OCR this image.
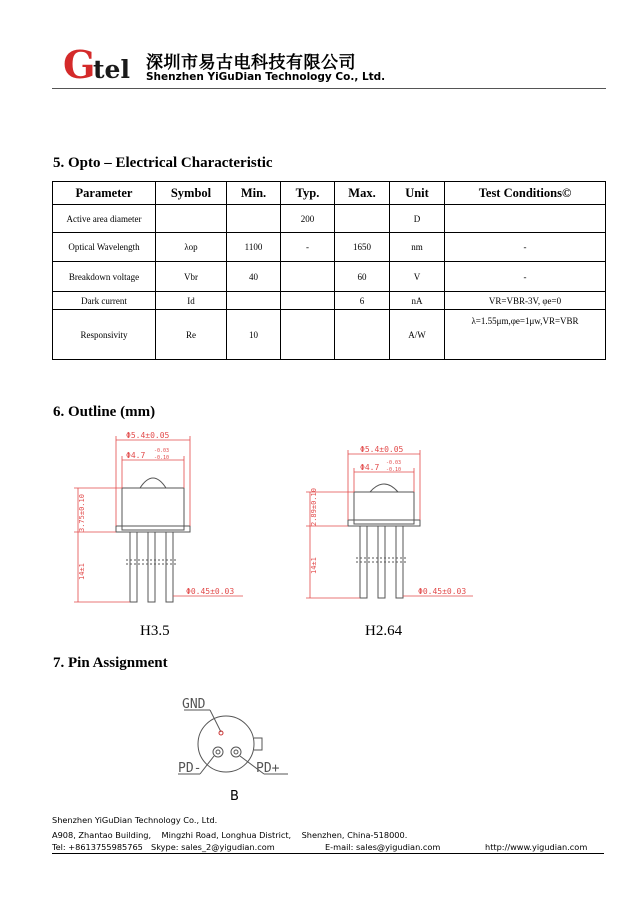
G
tel 深圳市易古电科技有限公司
Shenzhen YiGuDian Technology Co., Ltd.
5. Opto – Electrical Characteristic
Parameter	Symbol	Min.	Typ.	Max.	Unit	Test Conditions©
Active area diameter			200		D	
Optical Wavelength	λop	1100	-	1650	nm	-
Breakdown voltage	Vbr	40		60	V	-
Dark current	Id			6	nA	VR=VBR-3V, φe=0
Responsivity	Re	10			A/W	λ=1.55μm,φe=1μw,VR=VBR
6. Outline (mm)
Φ5.4±0.05
Φ4.7 -0.03
-0.10
3.75±0.10
14±1
Φ0.45±0.03
H3.5
Φ5.4±0.05
Φ4.7 -0.03
-0.10
2.89±0.10
14±1
Φ0.45±0.03
H2.64
7. Pin Assignment
GND
PD-	PD+
B
Shenzhen YiGuDian Technology Co., Ltd.
A908, Zhantao Building,    Mingzhi Road, Longhua District,    Shenzhen, China-518000.
Tel: +8613755985765 Skype: sales_2@yigudian.com	E-mail: sales@yigudian.com	http://www.yigudian.com
